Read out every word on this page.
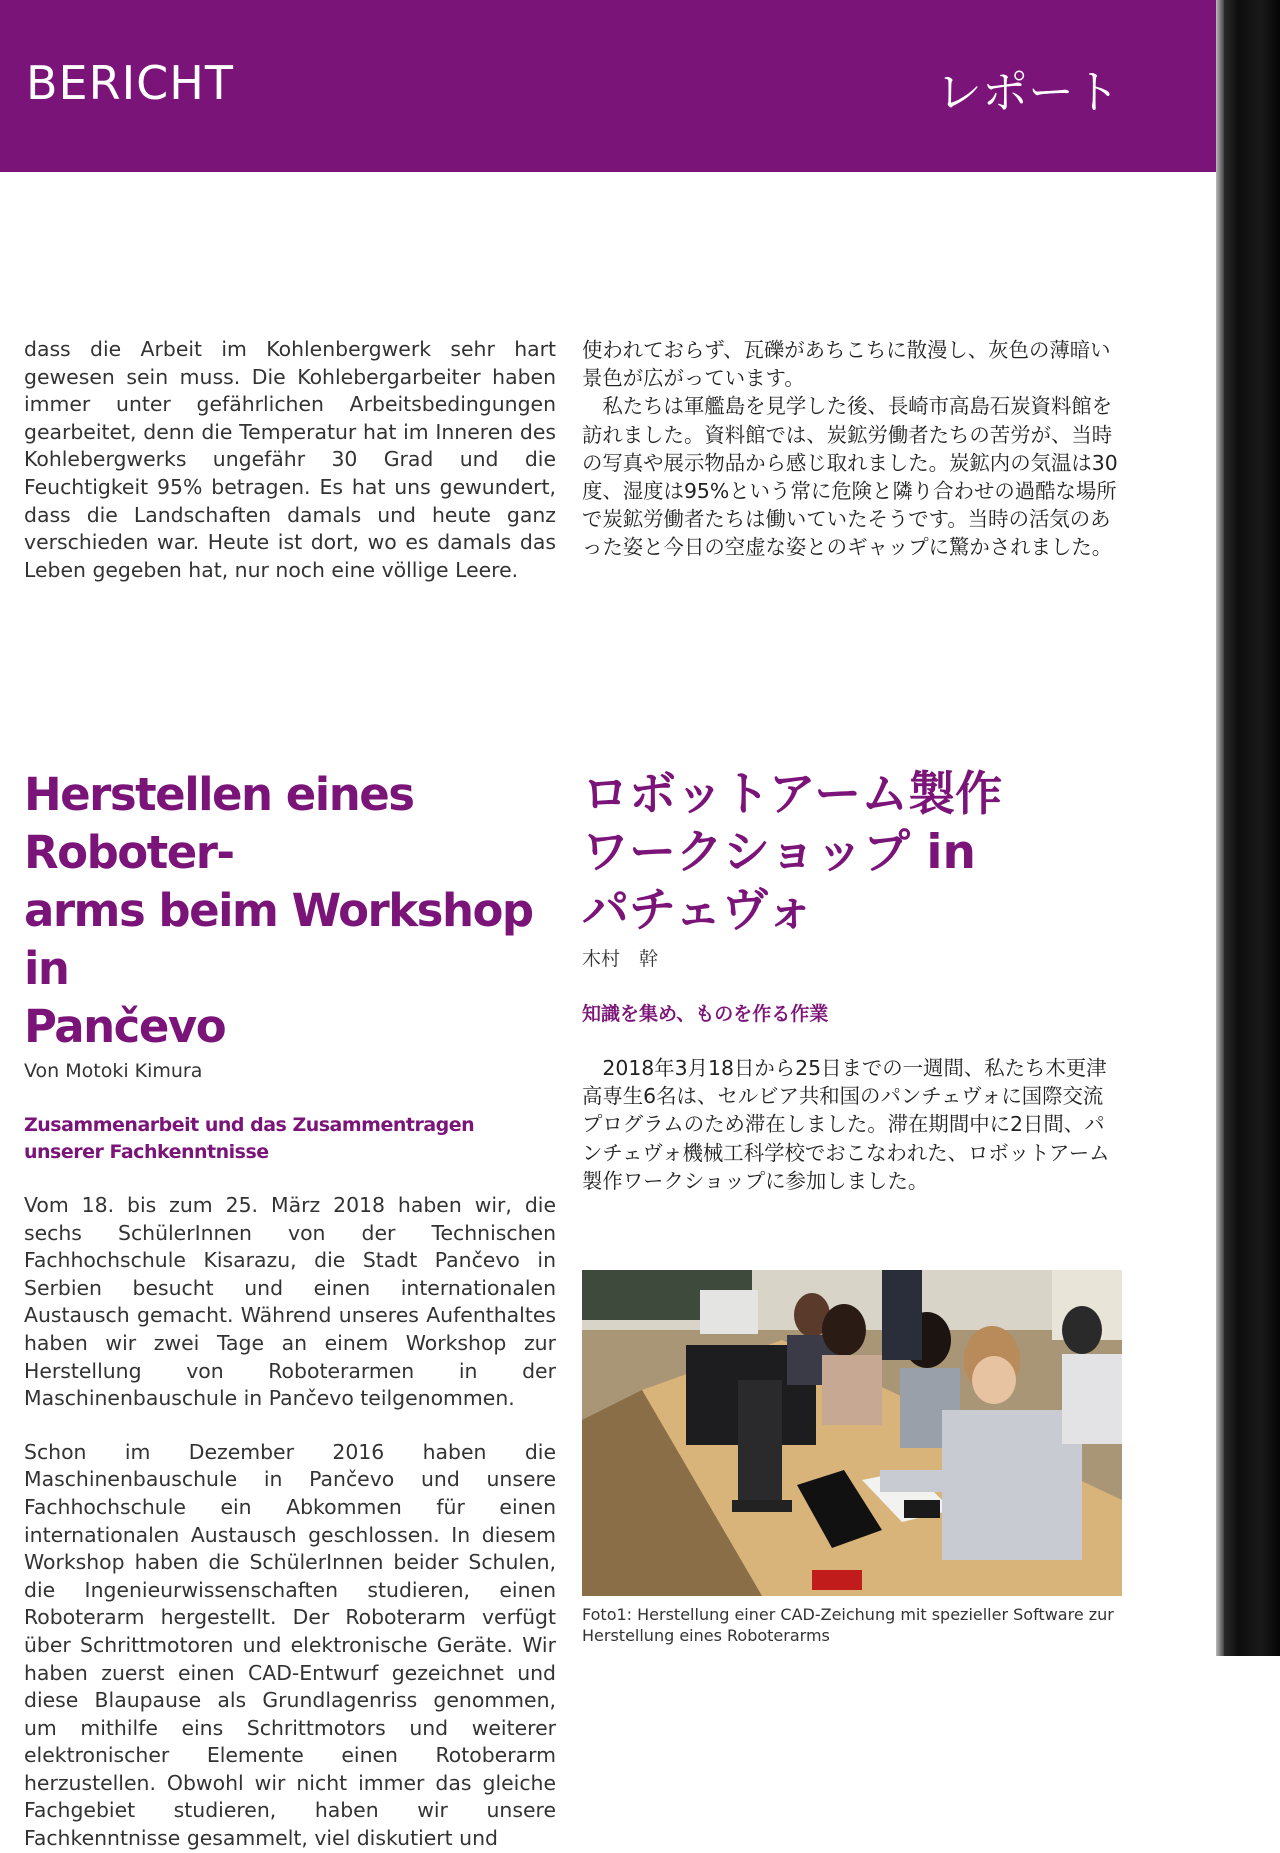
BERICHT	レポート

dass die Arbeit im Kohlenbergwerk sehr hart gewesen sein muss. Die Kohlebergarbeiter haben immer unter gefährlichen Arbeitsbedingungen gearbeitet, denn die Temperatur hat im Inneren des Kohlebergwerks ungefähr 30 Grad und die Feuchtigkeit 95% betragen. Es hat uns gewundert, dass die Landschaften damals und heute ganz verschieden war. Heute ist dort, wo es damals das Leben gegeben hat, nur noch eine völlige Leere.

使われておらず、瓦礫があちこちに散漫し、灰色の薄暗い景色が広がっています。

私たちは軍艦島を見学した後、長崎市高島石炭資料館を訪れました。資料館では、炭鉱労働者たちの苦労が、当時の写真や展示物品から感じ取れました。炭鉱内の気温は30度、湿度は95%という常に危険と隣り合わせの過酷な場所で炭鉱労働者たちは働いていたそうです。当時の活気のあった姿と今日の空虚な姿とのギャップに驚かされました。

Herstellen eines Roboter-
arms beim Workshop in
Pančevo

Von Motoki Kimura

Zusammenarbeit und das Zusammentragen unserer Fachkenntnisse

Vom 18. bis zum 25. März 2018 haben wir, die sechs SchülerInnen von der Technischen Fachhochschule Kisarazu, die Stadt Pančevo in Serbien besucht und einen internationalen Austausch gemacht. Während unseres Aufenthaltes haben wir zwei Tage an einem Workshop zur Herstellung von Roboterarmen in der Maschinenbauschule in Pančevo teilgenommen.

Schon im Dezember 2016 haben die Maschinenbauschule in Pančevo und unsere Fachhochschule ein Abkommen für einen internationalen Austausch geschlossen. In diesem Workshop haben die SchülerInnen beider Schulen, die Ingenieurwissenschaften studieren, einen Roboterarm hergestellt. Der Roboterarm verfügt über Schrittmotoren und elektronische Geräte. Wir haben zuerst einen CAD-Entwurf gezeichnet und diese Blaupause als Grundlagenriss genommen, um mithilfe eins Schrittmotors und weiterer elektronischer Elemente einen Rotoberarm herzustellen. Obwohl wir nicht immer das gleiche Fachgebiet studieren, haben wir unsere Fachkenntnisse gesammelt, viel diskutiert und

ロボットアーム製作
ワークショップ in
パチェヴォ

木村　幹

知識を集め、ものを作る作業

2018年3月18日から25日までの一週間、私たち木更津高専生6名は、セルビア共和国のパンチェヴォに国際交流プログラムのため滞在しました。滞在期間中に2日間、パンチェヴォ機械工科学校でおこなわれた、ロボットアーム製作ワークショップに参加しました。

Foto1: Herstellung einer CAD-Zeichung mit spezieller Software zur Herstellung eines Roboterarms
